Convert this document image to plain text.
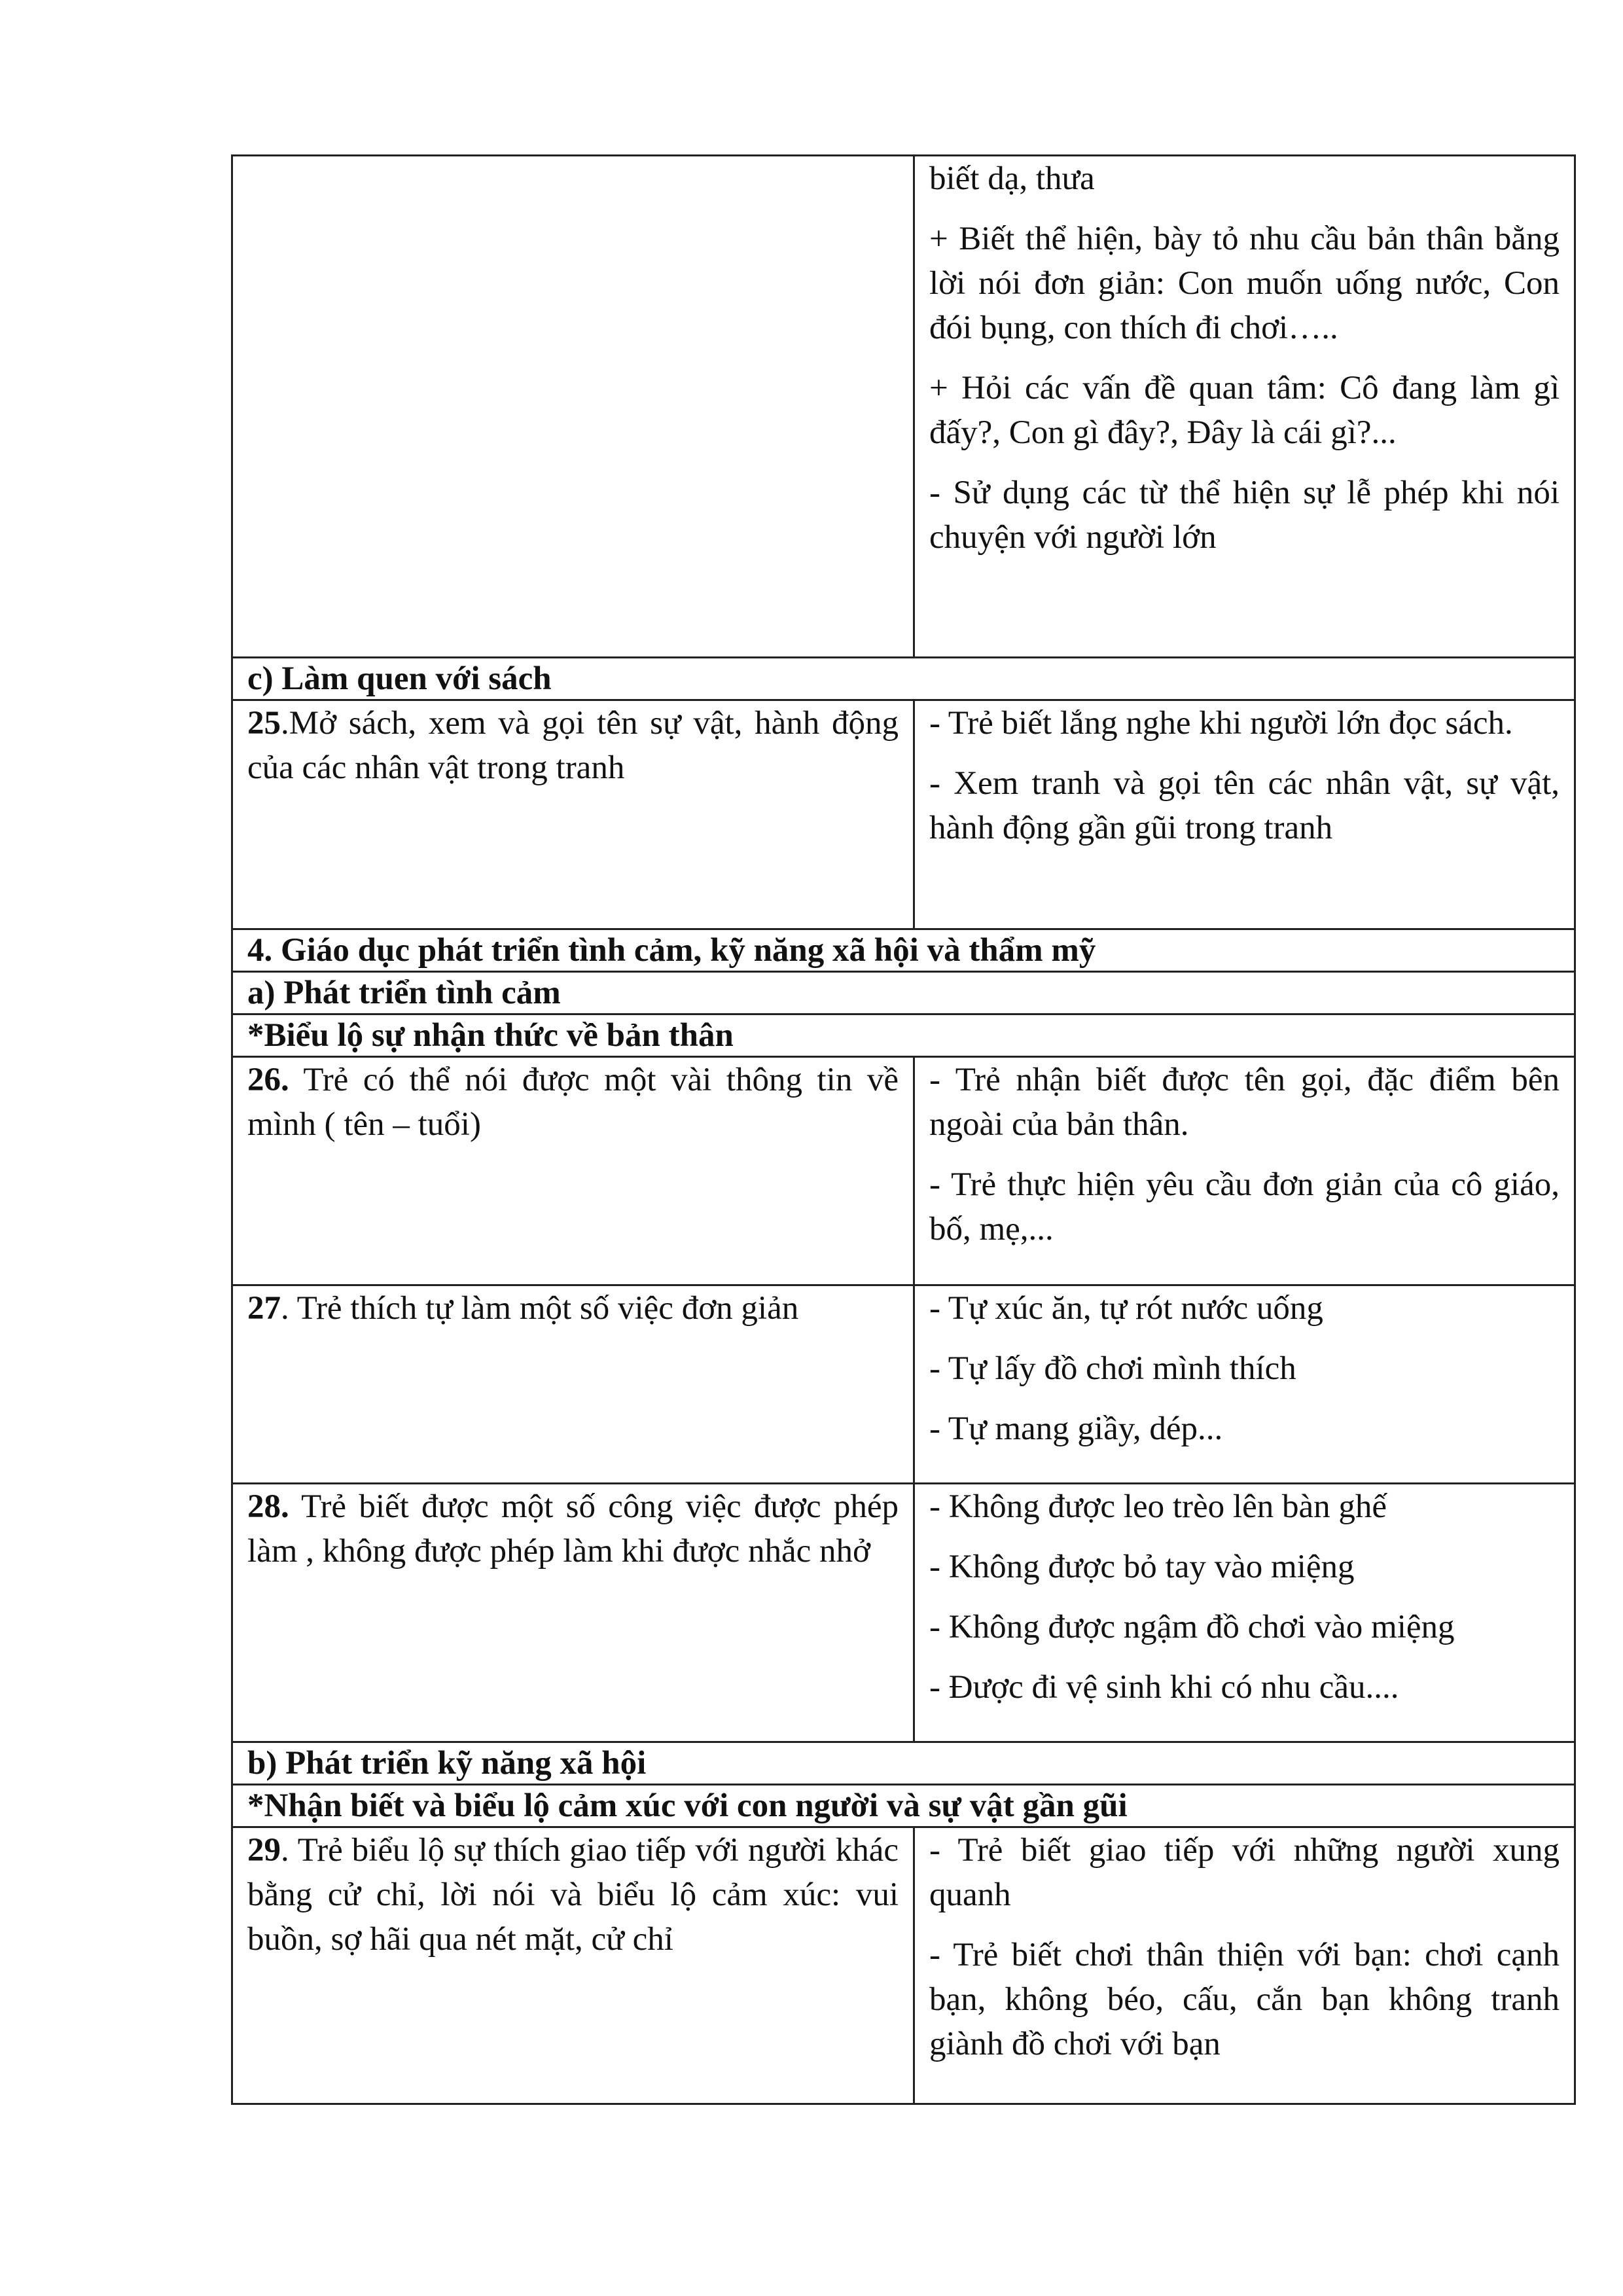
	biết dạ, thưa

+ Biết thể hiện, bày tỏ nhu cầu bản thân bằng lời nói đơn giản: Con muốn uống nước, Con đói bụng, con thích đi chơi…..

+ Hỏi các vấn đề quan tâm: Cô đang làm gì đấy?, Con gì đây?, Đây là cái gì?...

- Sử dụng các từ thể hiện sự lễ phép khi nói chuyện với người lớn

c) Làm quen với sách	

25.Mở sách, xem và gọi tên sự vật, hành động của các nhân vật trong tranh	- Trẻ biết lắng nghe khi người lớn đọc sách.

- Xem tranh và gọi tên các nhân vật, sự vật, hành động gần gũi trong tranh

4. Giáo dục phát triển tình cảm, kỹ năng xã hội và thẩm mỹ	
a) Phát triển tình cảm	
*Biểu lộ sự nhận thức về bản thân	

26. Trẻ có thể nói được một vài thông tin về mình ( tên – tuổi)	- Trẻ nhận biết được tên gọi, đặc điểm bên ngoài của bản thân.

- Trẻ thực hiện yêu cầu đơn giản của cô giáo, bố, mẹ,...

27. Trẻ thích tự làm một số việc đơn giản	- Tự xúc ăn, tự rót nước uống

- Tự lấy đồ chơi mình thích

- Tự mang giầy, dép...

28. Trẻ biết được một số công việc được phép làm , không được phép làm khi được nhắc nhở	- Không được leo trèo lên bàn ghế

- Không được bỏ tay vào miệng

- Không được ngậm đồ chơi vào miệng

- Được đi vệ sinh khi có nhu cầu....

b) Phát triển kỹ năng xã hội	
*Nhận biết và biểu lộ cảm xúc với con người và sự vật gần gũi	

29. Trẻ biểu lộ sự thích giao tiếp với người khác bằng cử chỉ, lời nói và biểu lộ cảm xúc: vui buồn, sợ hãi qua nét mặt, cử chỉ	- Trẻ biết giao tiếp với những người xung quanh

- Trẻ biết chơi thân thiện với bạn: chơi cạnh bạn, không béo, cấu, cắn bạn không tranh giành đồ chơi với bạn
